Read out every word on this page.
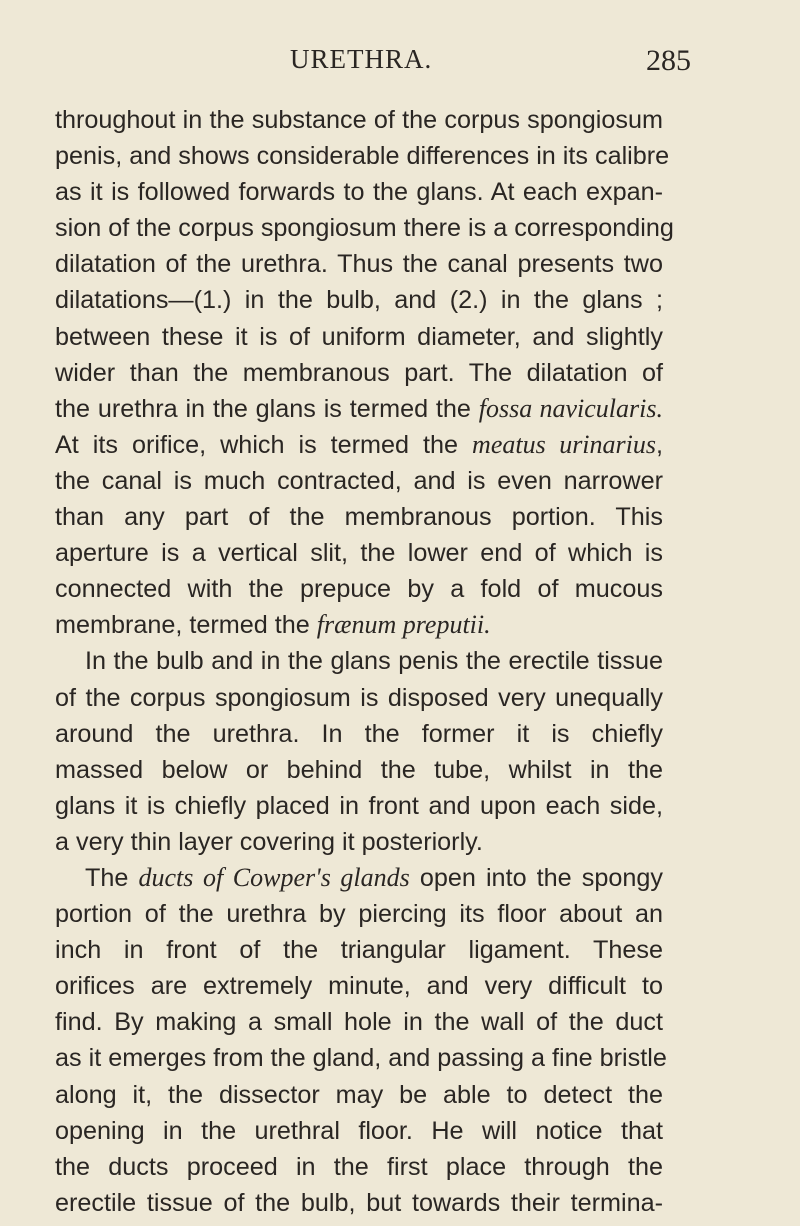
URETHRA.	285
throughout in the substance of the corpus spongiosum
penis, and shows considerable differences in its calibre
as it is followed forwards to the glans. At each expan-
sion of the corpus spongiosum there is a corresponding
dilatation of the urethra. Thus the canal presents two
dilatations—(1.) in the bulb, and (2.) in the glans ;
between these it is of uniform diameter, and slightly
wider than the membranous part. The dilatation of
the urethra in the glans is termed the fossa navicularis.
At its orifice, which is termed the meatus urinarius,
the canal is much contracted, and is even narrower
than any part of the membranous portion. This
aperture is a vertical slit, the lower end of which is
connected with the prepuce by a fold of mucous
membrane, termed the frænum preputii.
In the bulb and in the glans penis the erectile tissue
of the corpus spongiosum is disposed very unequally
around the urethra. In the former it is chiefly
massed below or behind the tube, whilst in the
glans it is chiefly placed in front and upon each side,
a very thin layer covering it posteriorly.
The ducts of Cowper's glands open into the spongy
portion of the urethra by piercing its floor about an
inch in front of the triangular ligament. These
orifices are extremely minute, and very difficult to
find. By making a small hole in the wall of the duct
as it emerges from the gland, and passing a fine bristle
along it, the dissector may be able to detect the
opening in the urethral floor. He will notice that
the ducts proceed in the first place through the
erectile tissue of the bulb, but towards their termina-
